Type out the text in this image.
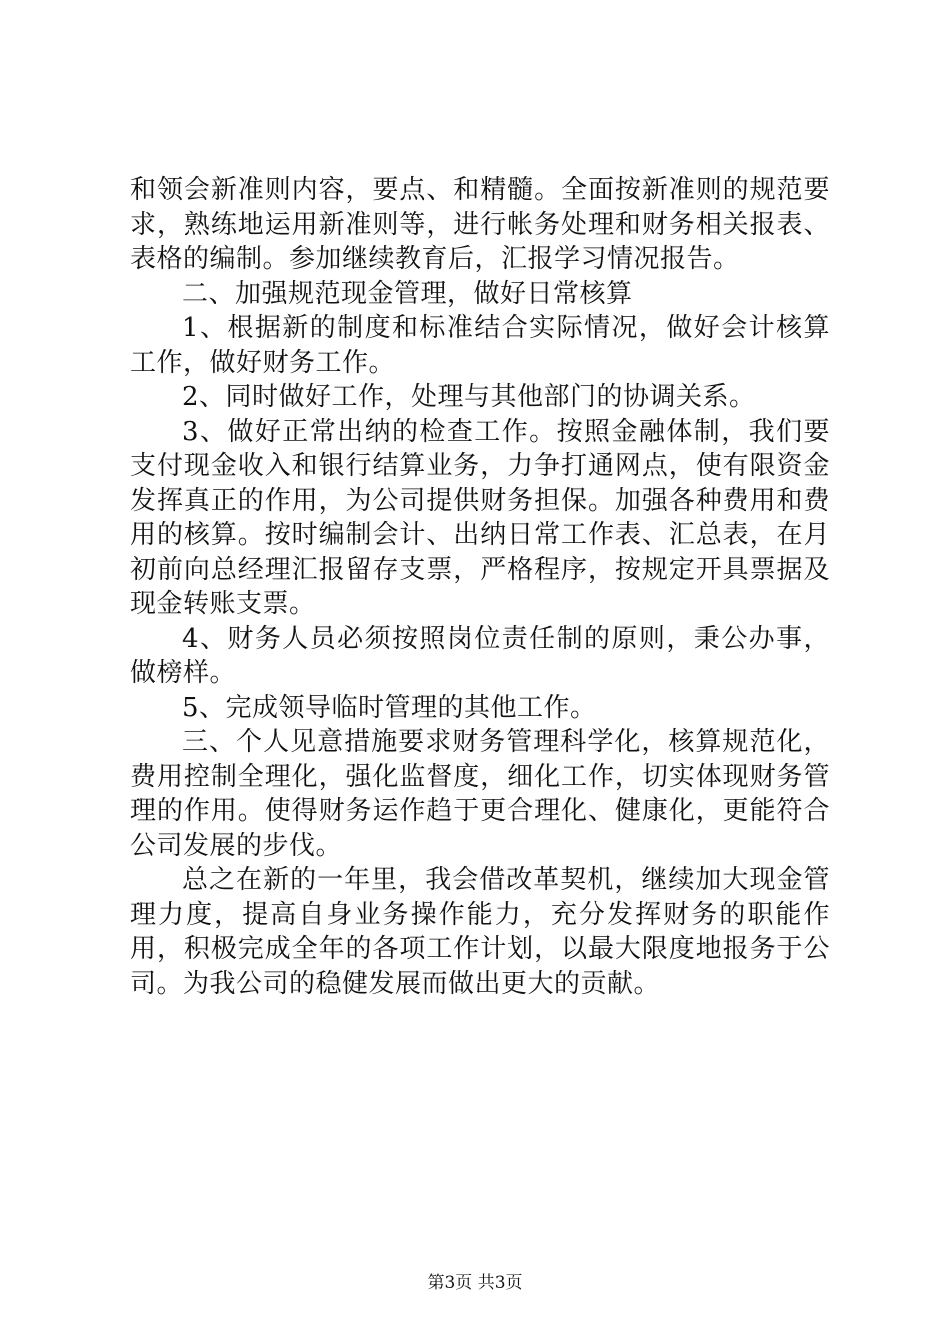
和领会新准则内容，要点、和精髓。全面按新准则的规范要求，熟练地运用新准则等，进行帐务处理和财务相关报表、表格的编制。参加继续教育后，汇报学习情况报告。

二、加强规范现金管理，做好日常核算

1、根据新的制度和标准结合实际情况，做好会计核算工作，做好财务工作。

2、同时做好工作，处理与其他部门的协调关系。

3、做好正常出纳的检查工作。按照金融体制，我们要支付现金收入和银行结算业务，力争打通网点，使有限资金发挥真正的作用，为公司提供财务担保。加强各种费用和费用的核算。按时编制会计、出纳日常工作表、汇总表，在月初前向总经理汇报留存支票，严格程序，按规定开具票据及现金转账支票。

4、财务人员必须按照岗位责任制的原则，秉公办事，做榜样。

5、完成领导临时管理的其他工作。

三、个人见意措施要求财务管理科学化，核算规范化，费用控制全理化，强化监督度，细化工作，切实体现财务管理的作用。使得财务运作趋于更合理化、健康化，更能符合公司发展的步伐。

总之在新的一年里，我会借改革契机，继续加大现金管理力度，提高自身业务操作能力，充分发挥财务的职能作用，积极完成全年的各项工作计划，以最大限度地报务于公司。为我公司的稳健发展而做出更大的贡献。

第3页 共3页
